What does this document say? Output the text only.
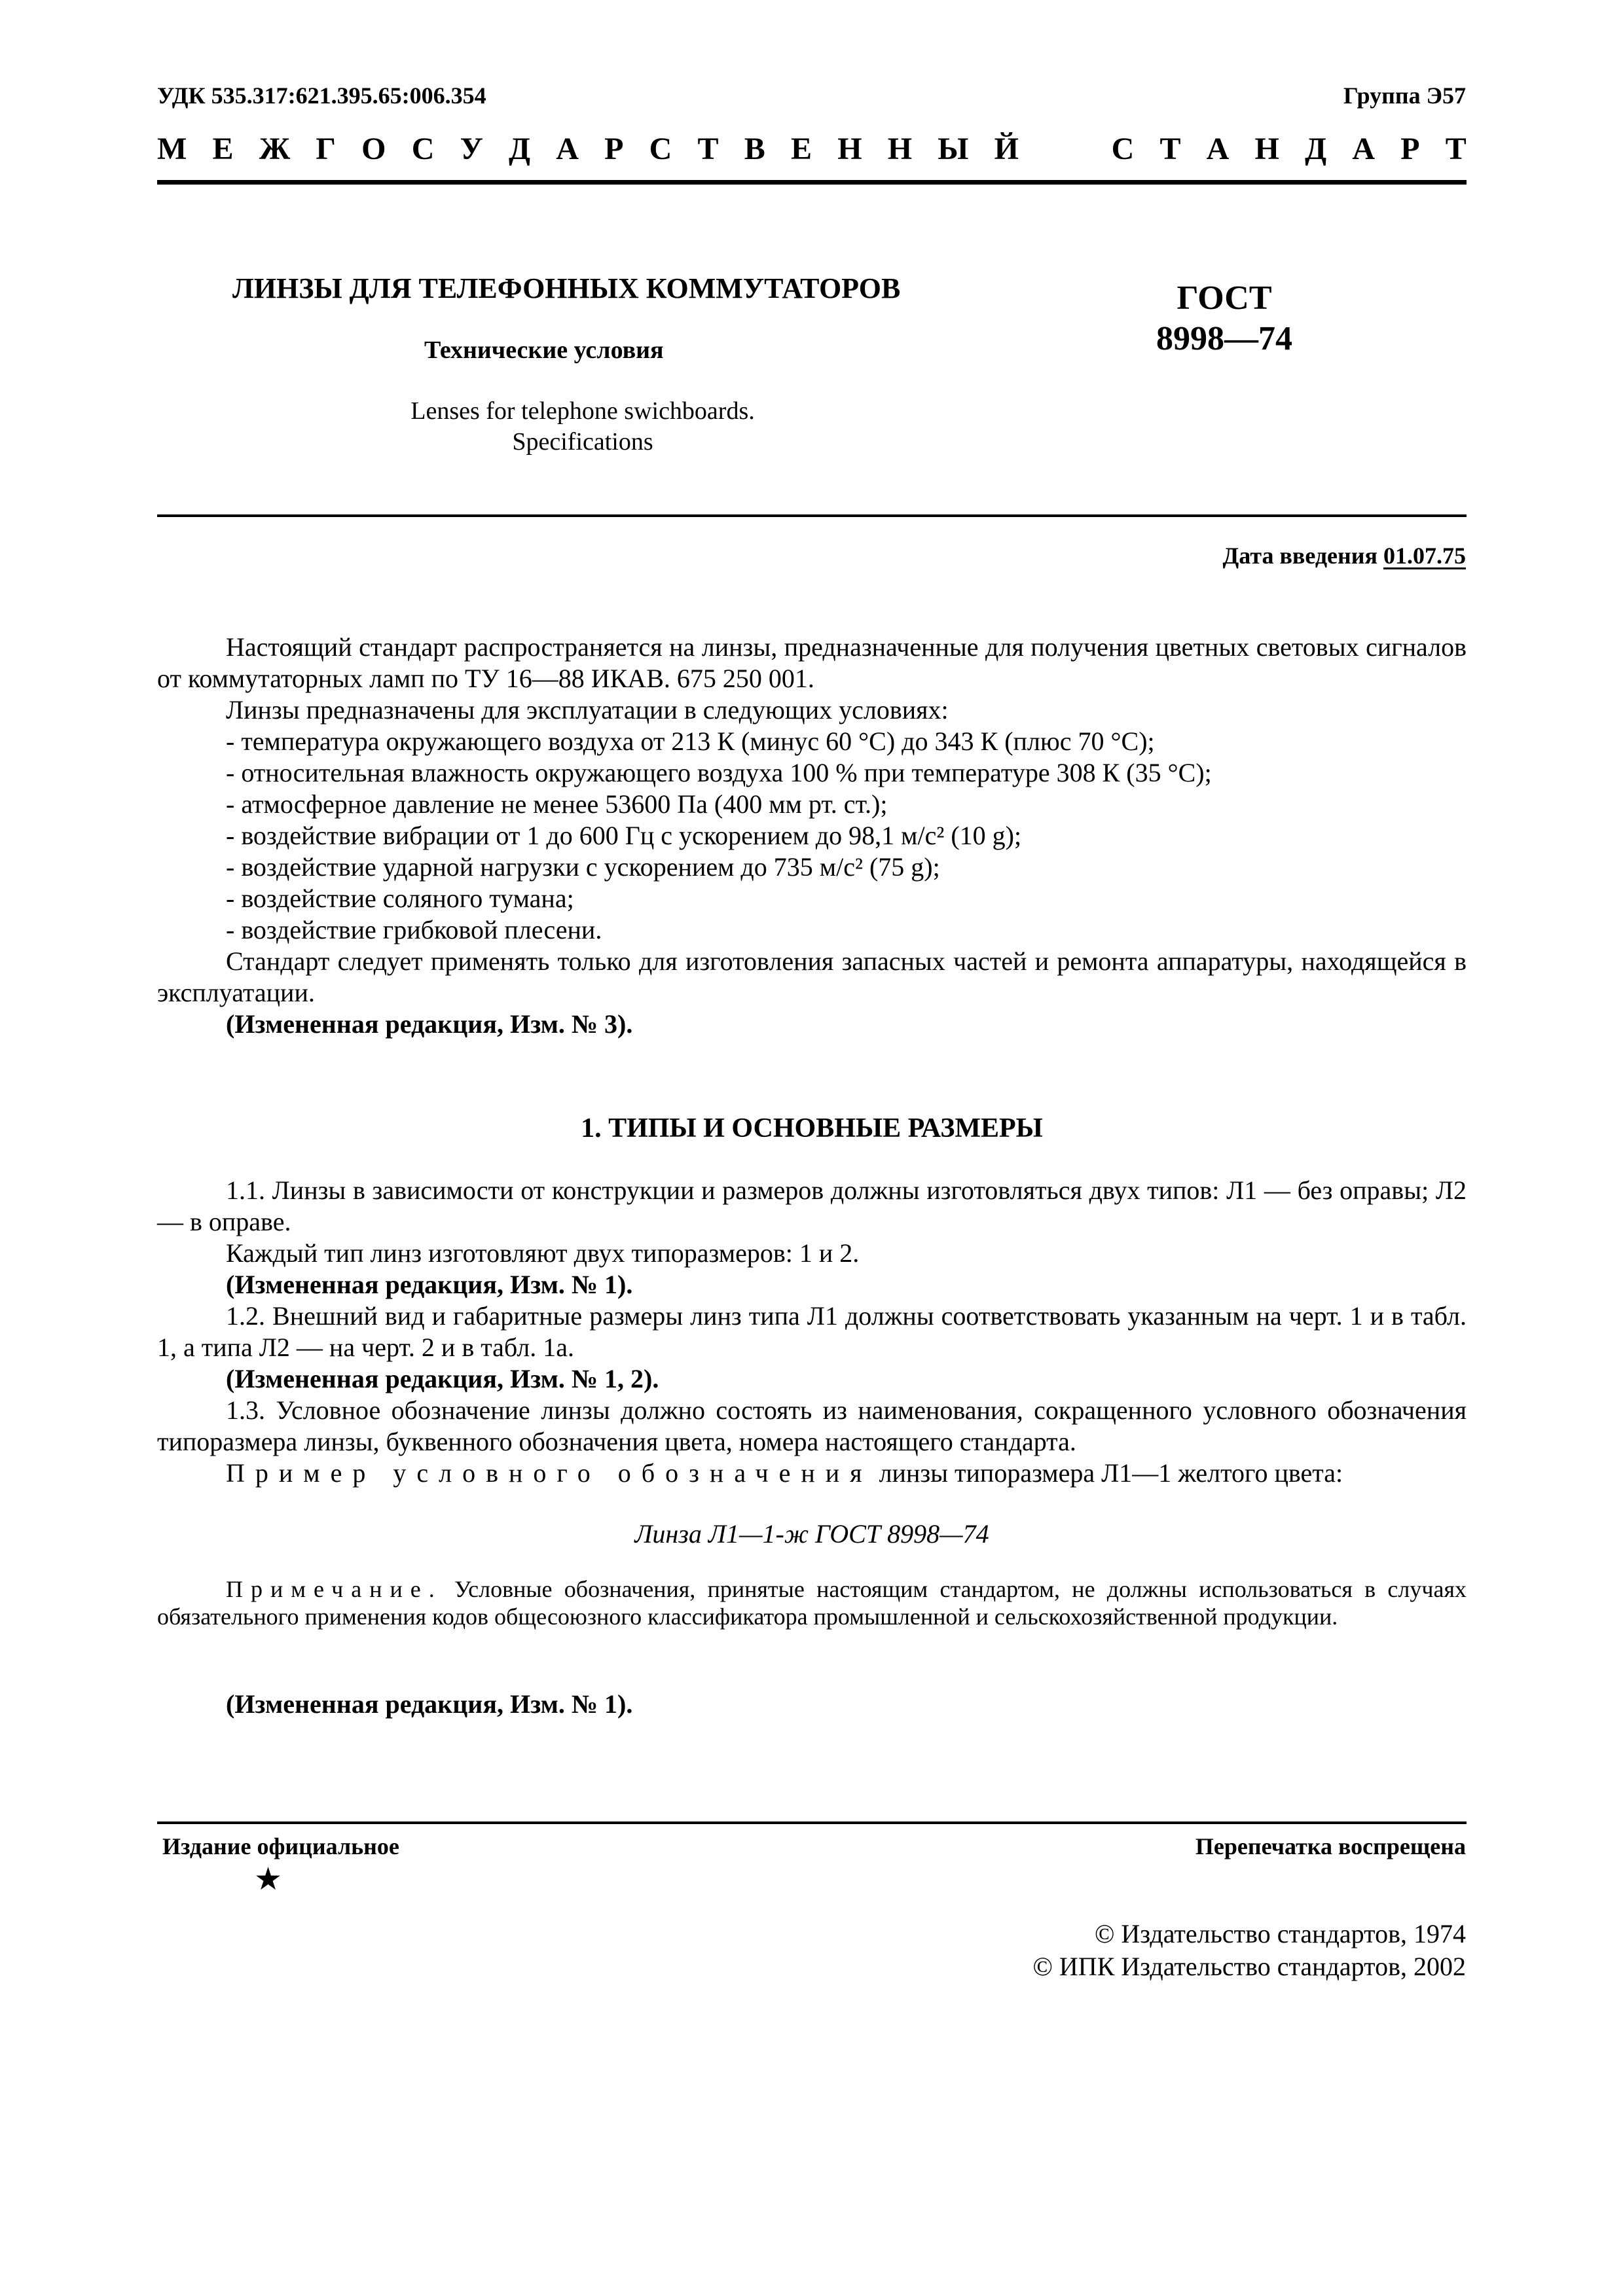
УДК 535.317:621.395.65:006.354	Группа Э57
М Е Ж Г О С У Д А Р С Т В Е Н Н Ы Й

	С Т А Н Д А Р Т
ЛИНЗЫ ДЛЯ ТЕЛЕФОННЫХ КОММУТАТОРОВ
Технические условия
Lenses for telephone swichboards.
Specifications
ГОСТ
8998—74
Дата введения 01.07.75

Настоящий стандарт распространяется на линзы, предназначенные для получения цветных световых сигналов от коммутаторных ламп по ТУ 16—88 ИКАВ. 675 250 001.

Линзы предназначены для эксплуатации в следующих условиях:

- температура окружающего воздуха от 213 К (минус 60 °С) до 343 К (плюс 70 °С);
- относительная влажность окружающего воздуха 100 % при температуре 308 К (35 °С);
- атмосферное давление не менее 53600 Па (400 мм рт. ст.);
- воздействие вибрации от 1 до 600 Гц с ускорением до 98,1 м/с² (10 g);
- воздействие ударной нагрузки с ускорением до 735 м/с² (75 g);
- воздействие соляного тумана;
- воздействие грибковой плесени.

Стандарт следует применять только для изготовления запасных частей и ремонта аппаратуры, находящейся в эксплуатации.

(Измененная редакция, Изм. № 3).

1. ТИПЫ И ОСНОВНЫЕ РАЗМЕРЫ

1.1. Линзы в зависимости от конструкции и размеров должны изготовляться двух типов: Л1 — без оправы; Л2 — в оправе.

Каждый тип линз изготовляют двух типоразмеров: 1 и 2.

(Измененная редакция, Изм. № 1).

1.2. Внешний вид и габаритные размеры линз типа Л1 должны соответствовать указанным на черт. 1 и в табл. 1, а типа Л2 — на черт. 2 и в табл. 1а.

(Измененная редакция, Изм. № 1, 2).

1.3. Условное обозначение линзы должно состоять из наименования, сокращенного условного обозначения типоразмера линзы, буквенного обозначения цвета, номера настоящего стандарта.

Пример условного обозначения линзы типоразмера Л1—1 желтого цвета:

Линза Л1—1-ж ГОСТ 8998—74
Примечание. Условные обозначения, принятые настоящим стандартом, не должны использоваться в случаях обязательного применения кодов общесоюзного классификатора промышленной и сельскохозяйственной продукции.
(Измененная редакция, Изм. № 1).
Издание официальное
★
Перепечатка воспрещена
© Издательство стандартов, 1974
© ИПК Издательство стандартов, 2002
